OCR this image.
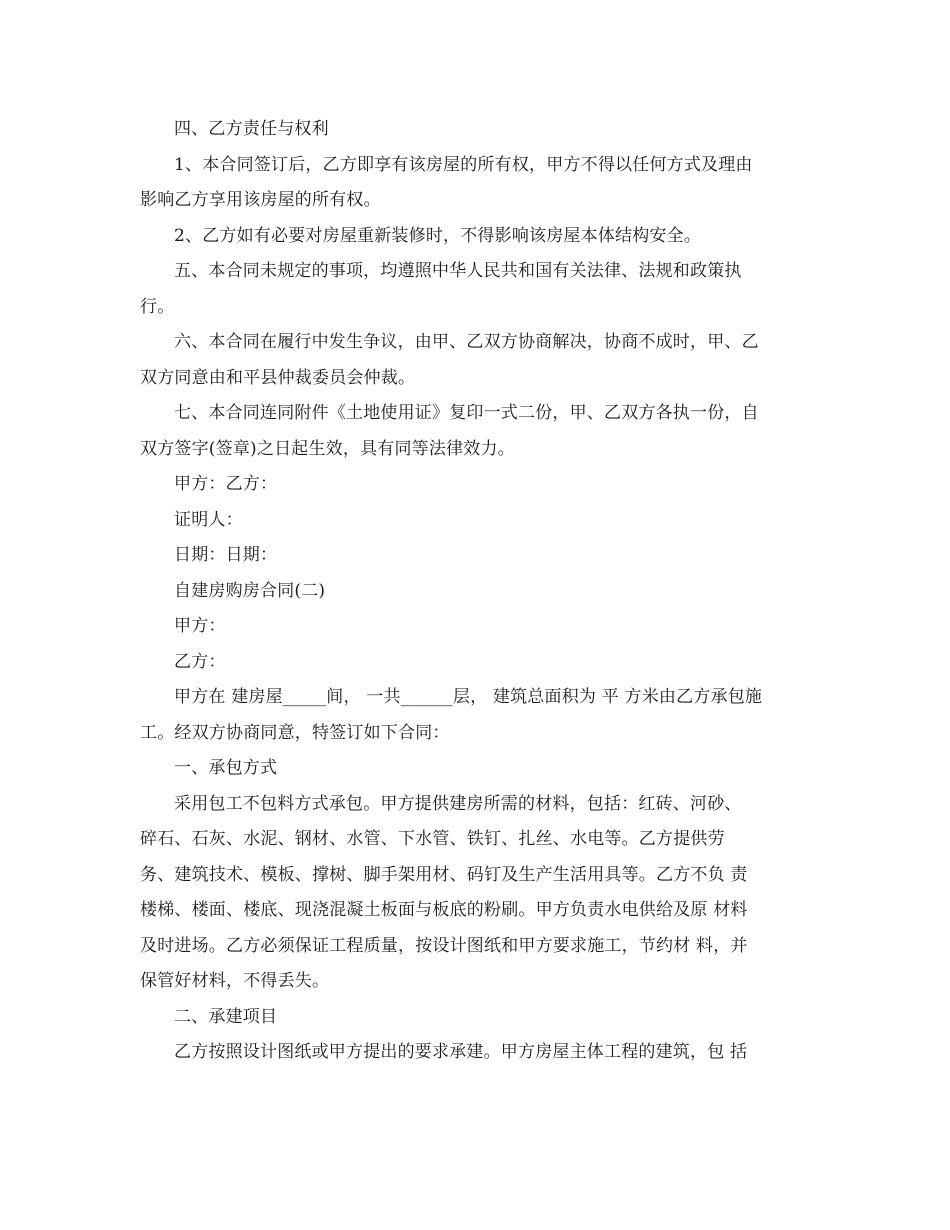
四、乙方责任与权利
1、本合同签订后，乙方即享有该房屋的所有权，甲方不得以任何方式及理由
影响乙方享用该房屋的所有权。
2、乙方如有必要对房屋重新装修时，不得影响该房屋本体结构安全。
五、本合同未规定的事项，均遵照中华人民共和国有关法律、法规和政策执
行。
六、本合同在履行中发生争议，由甲、乙双方协商解决，协商不成时，甲、乙
双方同意由和平县仲裁委员会仲裁。
七、本合同连同附件《土地使用证》复印一式二份，甲、乙双方各执一份，自
双方签字(签章)之日起生效，具有同等法律效力。
甲方：乙方：
证明人：
日期：日期：
自建房购房合同(二)
甲方：
乙方：
甲方在 建房屋_____间， 一共______层， 建筑总面积为 平 方米由乙方承包施
工。经双方协商同意，特签订如下合同：
一、承包方式
采用包工不包料方式承包。甲方提供建房所需的材料，包括：红砖、河砂、
碎石、石灰、水泥、钢材、水管、下水管、铁钉、扎丝、水电等。乙方提供劳
务、建筑技术、模板、撑树、脚手架用材、码钉及生产生活用具等。乙方不负 责
楼梯、楼面、楼底、现浇混凝土板面与板底的粉刷。甲方负责水电供给及原 材料
及时进场。乙方必须保证工程质量，按设计图纸和甲方要求施工，节约材 料，并
保管好材料，不得丢失。
二、承建项目
乙方按照设计图纸或甲方提出的要求承建。甲方房屋主体工程的建筑，包 括
